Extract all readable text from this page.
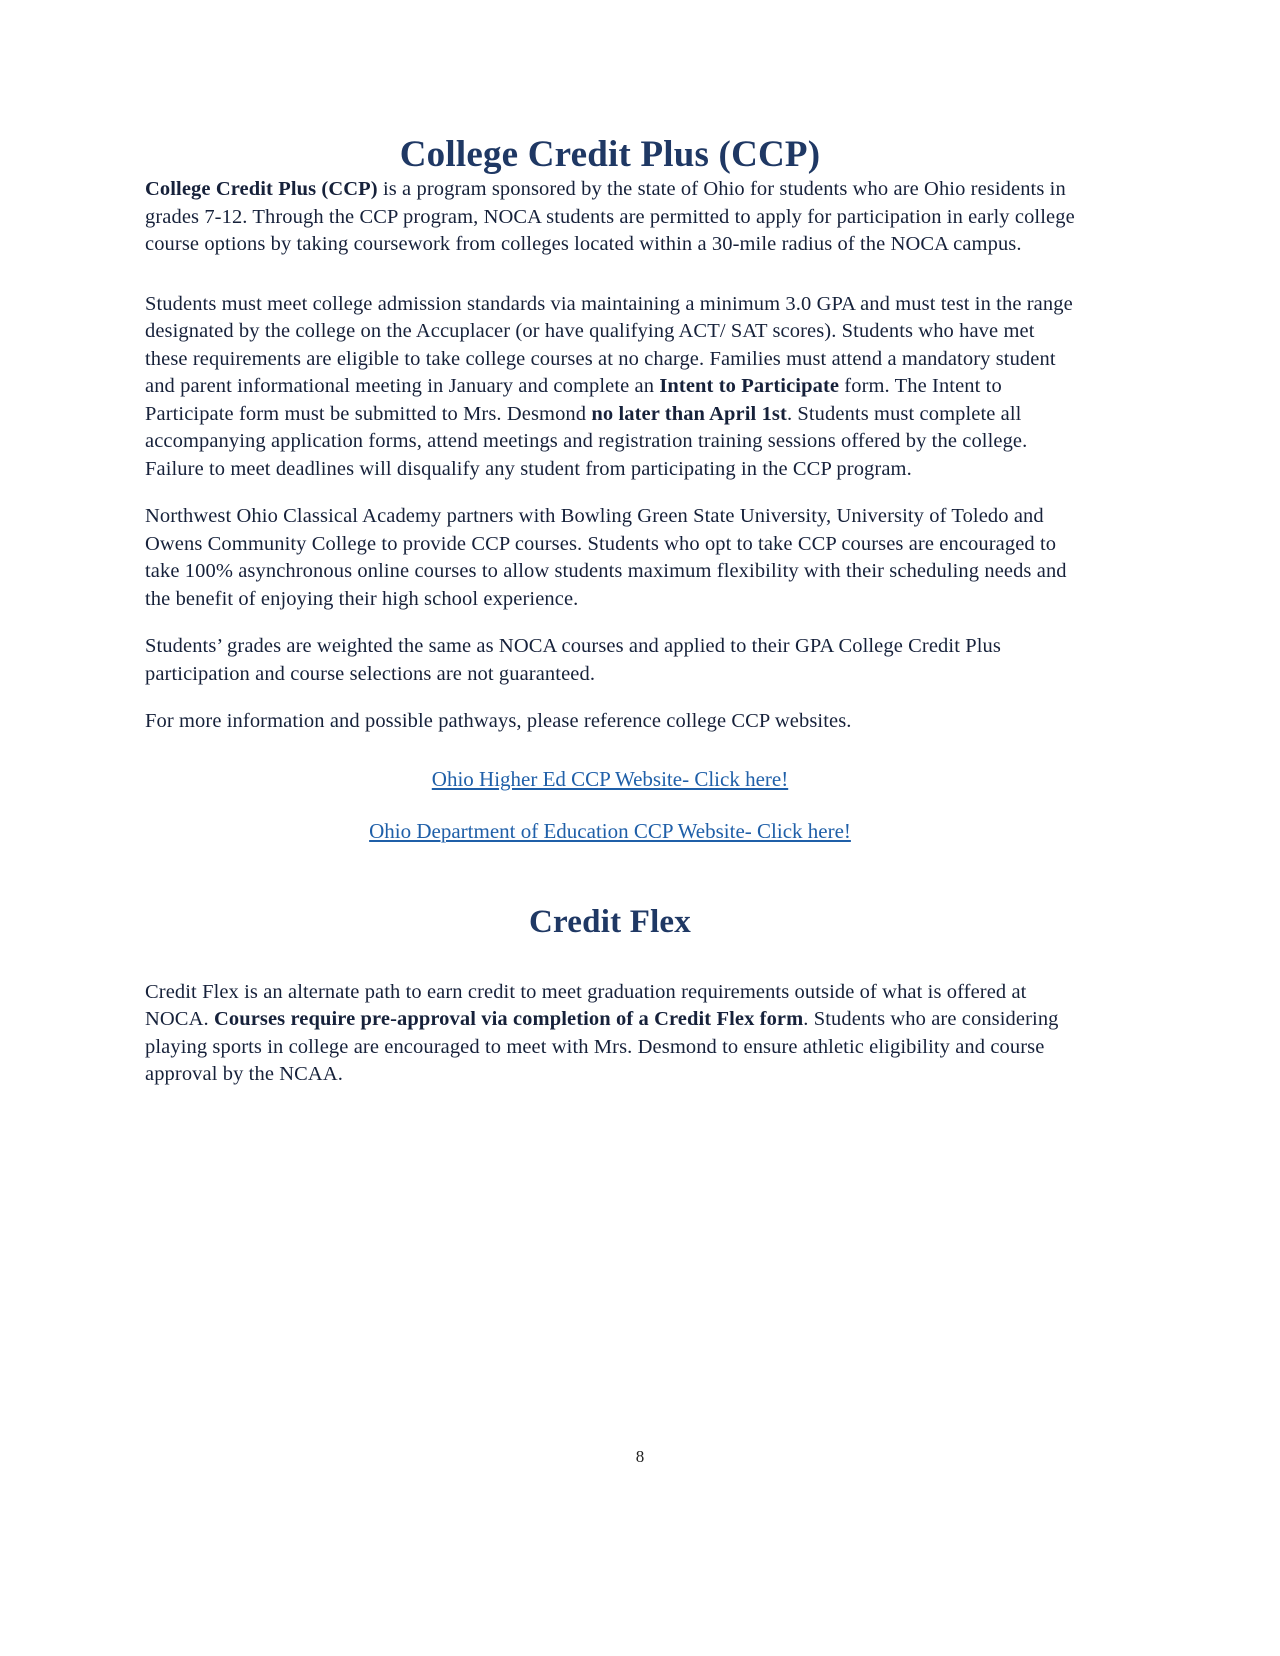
College Credit Plus (CCP)

College Credit Plus (CCP) is a program sponsored by the state of Ohio for students who are Ohio residents in grades 7-12. Through the CCP program, NOCA students are permitted to apply for participation in early college course options by taking coursework from colleges located within a 30-mile radius of the NOCA campus.

Students must meet college admission standards via maintaining a minimum 3.0 GPA and must test in the range designated by the college on the Accuplacer (or have qualifying ACT/ SAT scores). Students who have met these requirements are eligible to take college courses at no charge. Families must attend a mandatory student and parent informational meeting in January and complete an Intent to Participate form. The Intent to Participate form must be submitted to Mrs. Desmond no later than April 1st. Students must complete all accompanying application forms, attend meetings and registration training sessions offered by the college. Failure to meet deadlines will disqualify any student from participating in the CCP program.

Northwest Ohio Classical Academy partners with Bowling Green State University, University of Toledo and Owens Community College to provide CCP courses. Students who opt to take CCP courses are encouraged to take 100% asynchronous online courses to allow students maximum flexibility with their scheduling needs and the benefit of enjoying their high school experience.

Students’ grades are weighted the same as NOCA courses and applied to their GPA College Credit Plus participation and course selections are not guaranteed.

For more information and possible pathways, please reference college CCP websites.

Ohio Higher Ed CCP Website- Click here!
Ohio Department of Education CCP Website- Click here!
Credit Flex

Credit Flex is an alternate path to earn credit to meet graduation requirements outside of what is offered at NOCA. Courses require pre-approval via completion of a Credit Flex form. Students who are considering playing sports in college are encouraged to meet with Mrs. Desmond to ensure athletic eligibility and course approval by the NCAA.

8
